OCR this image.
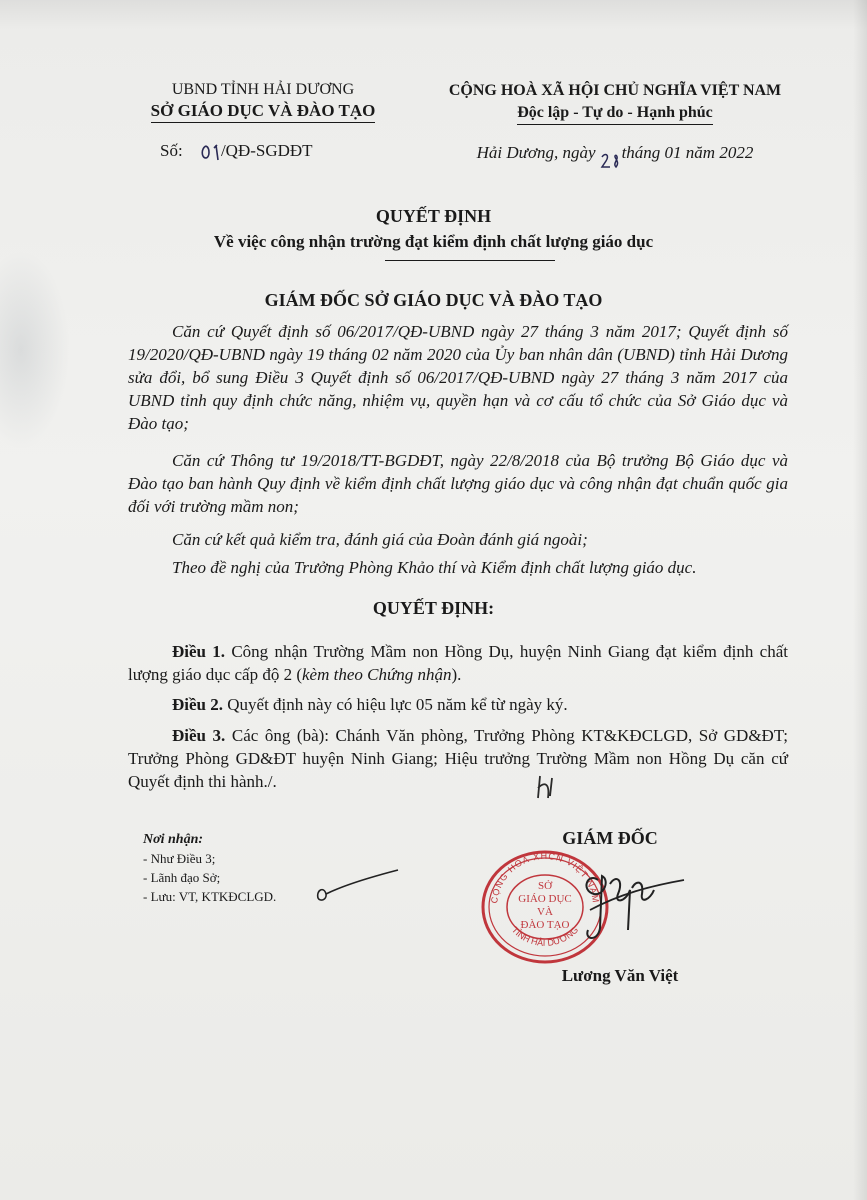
UBND TỈNH HẢI DƯƠNG
SỞ GIÁO DỤC VÀ ĐÀO TẠO
Số: /QĐ-SGDĐT
CỘNG HOÀ XÃ HỘI CHỦ NGHĨA VIỆT NAM
Độc lập - Tự do - Hạnh phúc
Hải Dương, ngày tháng 01 năm 2022
QUYẾT ĐỊNH
Về việc công nhận trường đạt kiểm định chất lượng giáo dục
GIÁM ĐỐC SỞ GIÁO DỤC VÀ ĐÀO TẠO
Căn cứ Quyết định số 06/2017/QĐ-UBND ngày 27 tháng 3 năm 2017; Quyết định số 19/2020/QĐ-UBND ngày 19 tháng 02 năm 2020 của Ủy ban nhân dân (UBND) tỉnh Hải Dương sửa đổi, bổ sung Điều 3 Quyết định số 06/2017/QĐ-UBND ngày 27 tháng 3 năm 2017 của UBND tỉnh quy định chức năng, nhiệm vụ, quyền hạn và cơ cấu tổ chức của Sở Giáo dục và Đào tạo;
Căn cứ Thông tư 19/2018/TT-BGDĐT, ngày 22/8/2018 của Bộ trưởng Bộ Giáo dục và Đào tạo ban hành Quy định về kiểm định chất lượng giáo dục và công nhận đạt chuẩn quốc gia đối với trường mầm non;
Căn cứ kết quả kiểm tra, đánh giá của Đoàn đánh giá ngoài;
Theo đề nghị của Trưởng Phòng Khảo thí và Kiểm định chất lượng giáo dục.
QUYẾT ĐỊNH:
Điều 1. Công nhận Trường Mầm non Hồng Dụ, huyện Ninh Giang đạt kiểm định chất lượng giáo dục cấp độ 2 (kèm theo Chứng nhận).
Điều 2. Quyết định này có hiệu lực 05 năm kể từ ngày ký.
Điều 3. Các ông (bà): Chánh Văn phòng, Trưởng Phòng KT&KĐCLGD, Sở GD&ĐT; Trưởng Phòng GD&ĐT huyện Ninh Giang; Hiệu trưởng Trường Mầm non Hồng Dụ căn cứ Quyết định thi hành./.
Nơi nhận:
- Như Điều 3;
- Lãnh đạo Sở;
- Lưu: VT, KTKĐCLGD.
GIÁM ĐỐC
CỘNG HOÀ XHCN VIỆT NAM
TỈNH HẢI DƯƠNG
SỞ
GIÁO DỤC
VÀ
ĐÀO TẠO
Lương Văn Việt
